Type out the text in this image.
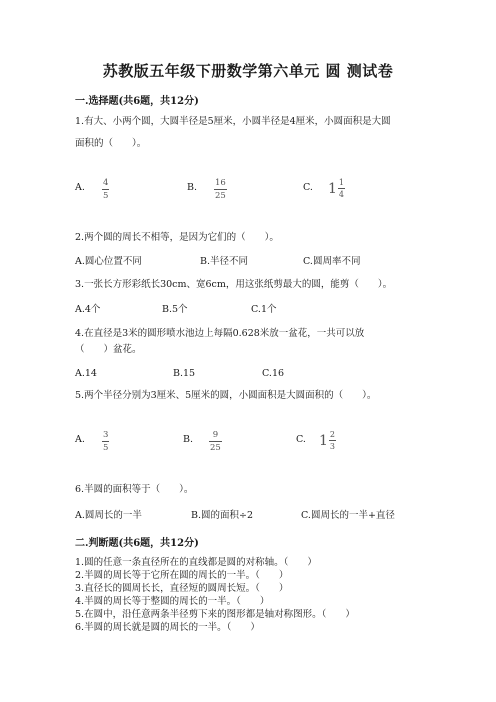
苏教版五年级下册数学第六单元 圆 测试卷
一.选择题(共6题，共12分)
1.有大、小两个圆，大圆半径是5厘米，小圆半径是4厘米，小圆面积是大圆
面积的（　　）。
A. 4
5
B. 16
25
C. $1 \frac{1}{4}$
2.两个圆的周长不相等，是因为它们的（　　）。
A.圆心位置不同	B.半径不同	C.圆周率不同
3.一张长方形彩纸长30cm、宽6cm，用这张纸剪最大的圆，能剪（　　）。
A.4个	B.5个	C.1个
4.在直径是3米的圆形喷水池边上每隔0.628米放一盆花，一共可以放
（　　）盆花。
A.14	B.15	C.16
5.两个半径分别为3厘米、5厘米的圆，小圆面积是大圆面积的（　　）。
A. 3
5
B. 9
25
C. $1 \frac{2}{3}$
6.半圆的面积等于（　　）。
A.圆周长的一半	B.圆的面积÷2	C.圆周长的一半+直径
二.判断题(共6题，共12分)
1.圆的任意一条直径所在的直线都是圆的对称轴。（　　）
2.半圆的周长等于它所在圆的周长的一半。（　　）
3.直径长的圆周长长，直径短的圆周长短。（　　）
4.半圆的周长等于整圆的周长的一半。（　　）
5.在圆中，沿任意两条半径剪下来的图形都是轴对称图形。（　　）
6.半圆的周长就是圆的周长的一半。（　　）
